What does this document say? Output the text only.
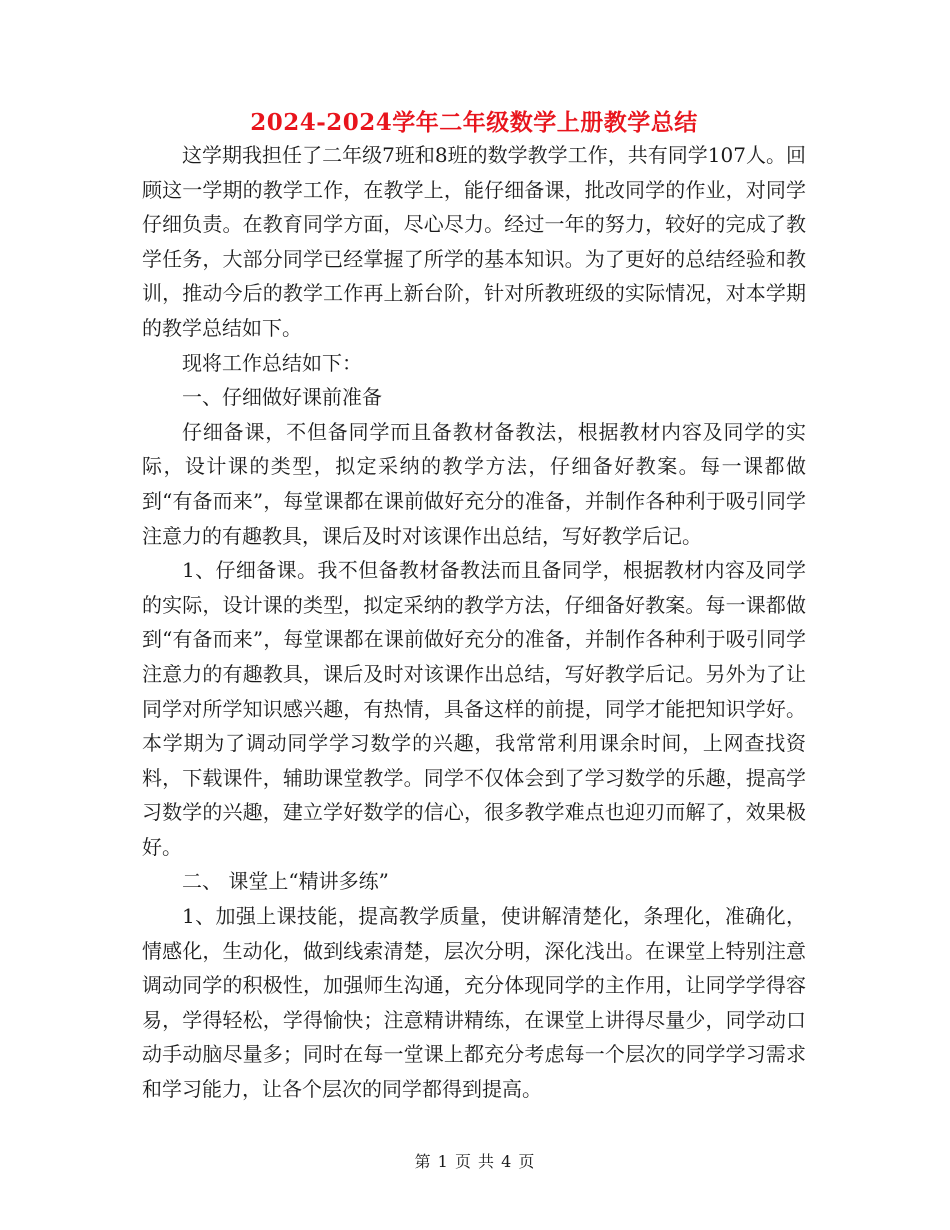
2024-2024学年二年级数学上册教学总结

这学期我担任了二年级7班和8班的数学教学工作，共有同学107人。回顾这一学期的教学工作，在教学上，能仔细备课，批改同学的作业，对同学仔细负责。在教育同学方面，尽心尽力。经过一年的努力，较好的完成了教学任务，大部分同学已经掌握了所学的基本知识。为了更好的总结经验和教训，推动今后的教学工作再上新台阶，针对所教班级的实际情况，对本学期的教学总结如下。

现将工作总结如下：

一、仔细做好课前准备

仔细备课，不但备同学而且备教材备教法，根据教材内容及同学的实际，设计课的类型，拟定采纳的教学方法，仔细备好教案。每一课都做到“有备而来”，每堂课都在课前做好充分的准备，并制作各种利于吸引同学注意力的有趣教具，课后及时对该课作出总结，写好教学后记。

1、仔细备课。我不但备教材备教法而且备同学，根据教材内容及同学的实际，设计课的类型，拟定采纳的教学方法，仔细备好教案。每一课都做到“有备而来”，每堂课都在课前做好充分的准备，并制作各种利于吸引同学注意力的有趣教具，课后及时对该课作出总结，写好教学后记。另外为了让同学对所学知识感兴趣，有热情，具备这样的前提，同学才能把知识学好。本学期为了调动同学学习数学的兴趣，我常常利用课余时间，上网查找资料，下载课件，辅助课堂教学。同学不仅体会到了学习数学的乐趣，提高学习数学的兴趣，建立学好数学的信心，很多教学难点也迎刃而解了，效果极好。

二、 课堂上“精讲多练”

1、加强上课技能，提高教学质量，使讲解清楚化，条理化，准确化，情感化，生动化，做到线索清楚，层次分明，深化浅出。在课堂上特别注意调动同学的积极性，加强师生沟通，充分体现同学的主作用，让同学学得容易，学得轻松，学得愉快；注意精讲精练，在课堂上讲得尽量少，同学动口动手动脑尽量多；同时在每一堂课上都充分考虑每一个层次的同学学习需求和学习能力，让各个层次的同学都得到提高。

第 1 页 共 4 页
